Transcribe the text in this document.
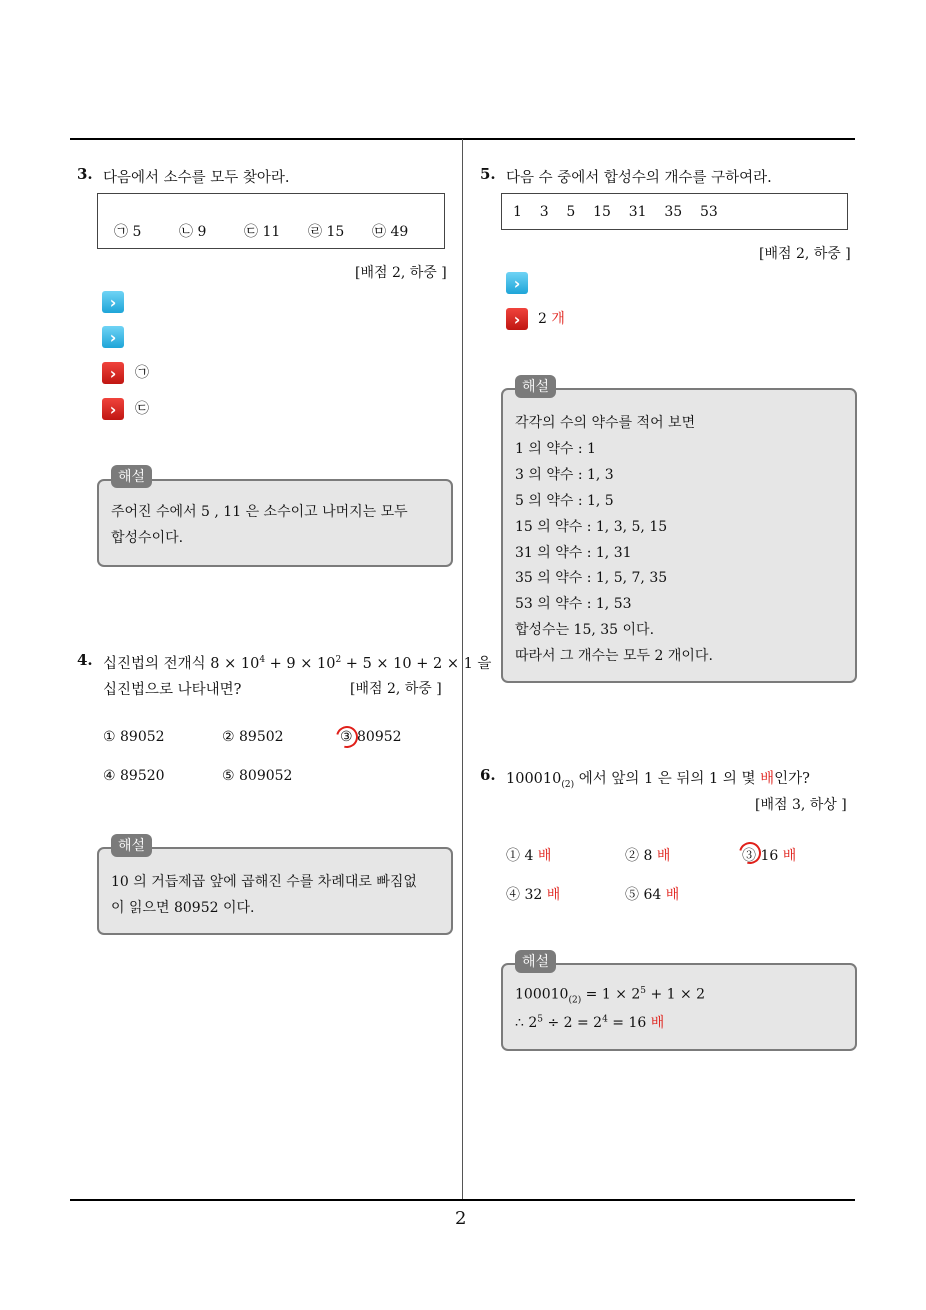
2
3. 다음에서 소수를 모두 찾아라.
㉠ 5	㉡ 9	㉢ 11 ㉣ 15 ㉤ 49
[배점 2, 하중 ]
›
›
›	㉠
›	㉢
주어진 수에서 5 , 11 은 소수이고 나머지는 모두
합성수이다.
해설
4. 십진법의 전개식 $8 \times 10^4 + 9 \times 10^2 + 5 \times 10 + 2 \times 1$ 을
십진법으로 나타내면?	[배점 2, 하중 ]
① 89052	② 89502	③ 80952
④ 89520	⑤ 809052
10 의 거듭제곱 앞에 곱해진 수를 차례대로 빠짐없
이 읽으면 80952 이다.
해설
5. 다음 수 중에서 합성수의 개수를 구하여라.
1    3    5    15    31    35    53
[배점 2, 하중 ]
›
›	2 개
각각의 수의 약수를 적어 보면
1 의 약수 : 1
3 의 약수 : 1, 3
5 의 약수 : 1, 5
15 의 약수 : 1, 3, 5, 15
31 의 약수 : 1, 31
35 의 약수 : 1, 5, 7, 35
53 의 약수 : 1, 53
합성수는 15, 35 이다.
따라서 그 개수는 모두 2 개이다.
해설
6. $100010_{(2)}$ 에서 앞의 1 은 뒤의 1 의 몇 배인가?
[배점 3, 하상 ]
① 4 배	② 8 배	③ 16 배
④ 32 배	⑤ 64 배
$100010_{(2)} = 1 \times 2^5 + 1 \times 2$
∴ $2^5 \div 2 = 2^4 = 16$ 배
해설
